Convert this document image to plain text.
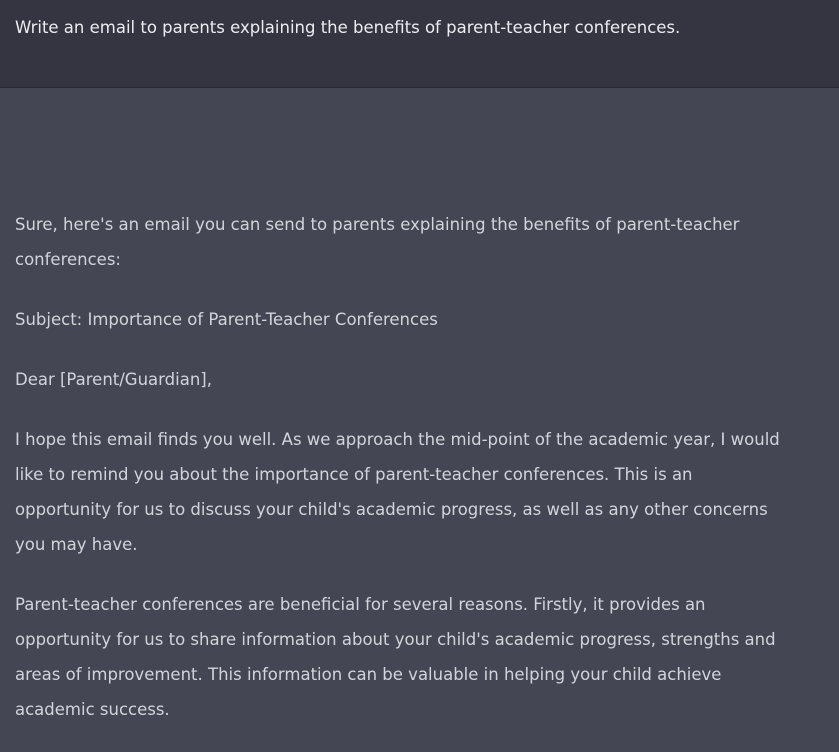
Write an email to parents explaining the benefits of parent-teacher conferences.

Sure, here's an email you can send to parents explaining the benefits of parent-teacher
conferences:

Subject: Importance of Parent-Teacher Conferences

Dear [Parent/Guardian],

I hope this email finds you well. As we approach the mid-point of the academic year, I would
like to remind you about the importance of parent-teacher conferences. This is an
opportunity for us to discuss your child's academic progress, as well as any other concerns
you may have.

Parent-teacher conferences are beneficial for several reasons. Firstly, it provides an
opportunity for us to share information about your child's academic progress, strengths and
areas of improvement. This information can be valuable in helping your child achieve
academic success.
